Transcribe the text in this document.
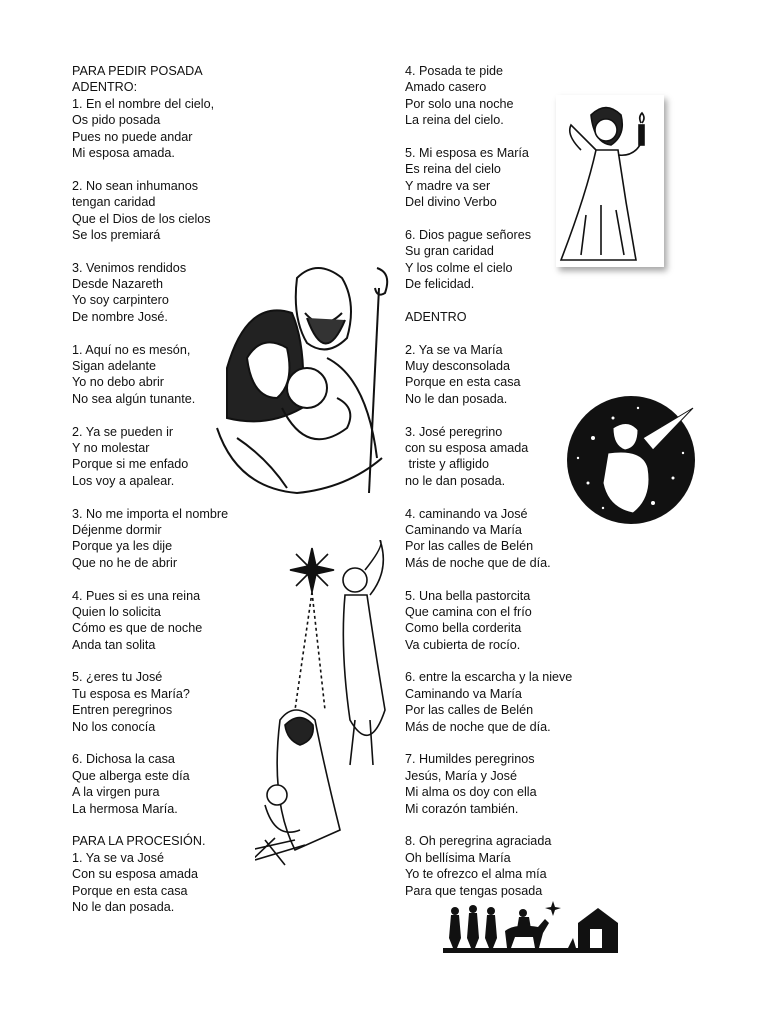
PARA PEDIR POSADA
ADENTRO:
1. En el nombre del cielo,
Os pido posada
Pues no puede andar
Mi esposa amada.
2. No sean inhumanos
tengan caridad
Que el Dios de los cielos
Se los premiará
3. Venimos rendidos
Desde Nazareth
Yo soy carpintero
De nombre José.
1. Aquí no es mesón,
Sigan adelante
Yo no debo abrir
No sea algún tunante.
2. Ya se pueden ir
Y no molestar
Porque si me enfado
Los voy a apalear.
3. No me importa el nombre
Déjenme dormir
Porque ya les dije
Que no he de abrir
4. Pues si es una reina
Quien lo solicita
Cómo es que de noche
Anda tan solita
5. ¿eres tu José
Tu esposa es María?
Entren peregrinos
No los conocía
6. Dichosa la casa
Que alberga este día
A la virgen pura
La hermosa María.
PARA LA PROCESIÓN.
1. Ya se va José
Con su esposa amada
Porque en esta casa
No le dan posada.
4. Posada te pide
Amado casero
Por solo una noche
La reina del cielo.
5. Mi esposa es María
Es reina del cielo
Y madre va ser
Del divino Verbo
6. Dios pague señores
Su gran caridad
Y los colme el cielo
De felicidad.
ADENTRO
2. Ya se va María
Muy desconsolada
Porque en esta casa
No le dan posada.
3. José peregrino
con su esposa amada
triste y afligido
no le dan posada.
4. caminando va José
Caminando va María
Por las calles de Belén
Más de noche que de día.
5. Una bella pastorcita
Que camina con el frío
Como bella corderita
Va cubierta de rocío.
6. entre la escarcha y la nieve
Caminando va María
Por las calles de Belén
Más de noche que de día.
7. Humildes peregrinos
Jesús, María y José
Mi alma os doy con ella
Mi corazón también.
8. Oh peregrina agraciada
Oh bellísima María
Yo te ofrezco el alma mía
Para que tengas posada
